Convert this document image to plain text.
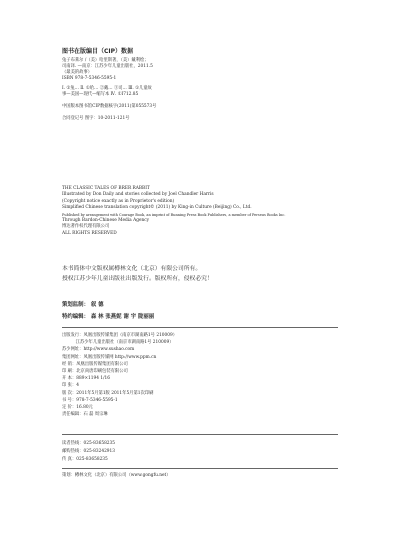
图书在版编目（CIP）数据
兔子布莱尔 /（美）哈里斯著，（美）戴利绘；
司南译. —南京：江苏少年儿童出版社，2011.5
（最美的故事）
ISBN 978-7-5346-5595-1
Ⅰ. ①兔… Ⅱ. ①哈… ②戴… ③司… Ⅲ. ①儿童故
事—美国—现代—缩写本 Ⅳ. ①I712.85
中国版本图书馆CIP数据核字(2011)第055573号
合同登记号 图字：10-2011-121号
THE CLASSIC TALES OF BRER RABBIT
Illustrated by Don Daily and stories collected by Joel Chandler Harris
(Copyright notice exactly as in Proprietor's edition)
Simplified Chinese translation copyright© (2011) by King-in Culture (Beijing) Co., Ltd.
Published by arrangement with Courage Book, an imprint of Running Press Book Publishers, a member of Perseus Books Inc.
Through Bardon-Chinese Media Agency
博达著作权代理有限公司
ALL RIGHTS RESERVED
本书简体中文版权属樽林文化（北京）有限公司所有。
授权江苏少年儿童出版社出版发行。版权所有，侵权必究！
策划监制： 叙 德
特约编辑： 森 林 张燕妮 谢 宇 陇丽丽
出版发行：凤凰出版传媒集团（南京市湖南路1号 210009）
江苏少年儿童出版社（南京市湖南路1号 210009）
苏少网址：http://www.sushao.com
集团网址：凤凰出版传媒网 http://www.ppm.cn
经 销：凤凰出版传媒集团有限公司
印 刷：北京尚唐印刷包装有限公司
开 本：889×1194 1/16
印 张：4
版 次：2011年5月第1版 2011年5月第1次印刷
书 号：978-7-5346-5595-1
定 价：16.80元
责任编辑：石 磊 周宗琳
读者热线：025-83658235
邮购热线：025-83242913
传 真：025-83658235
策划：樽林文化（北京）有限公司（www.gongfu.net）
